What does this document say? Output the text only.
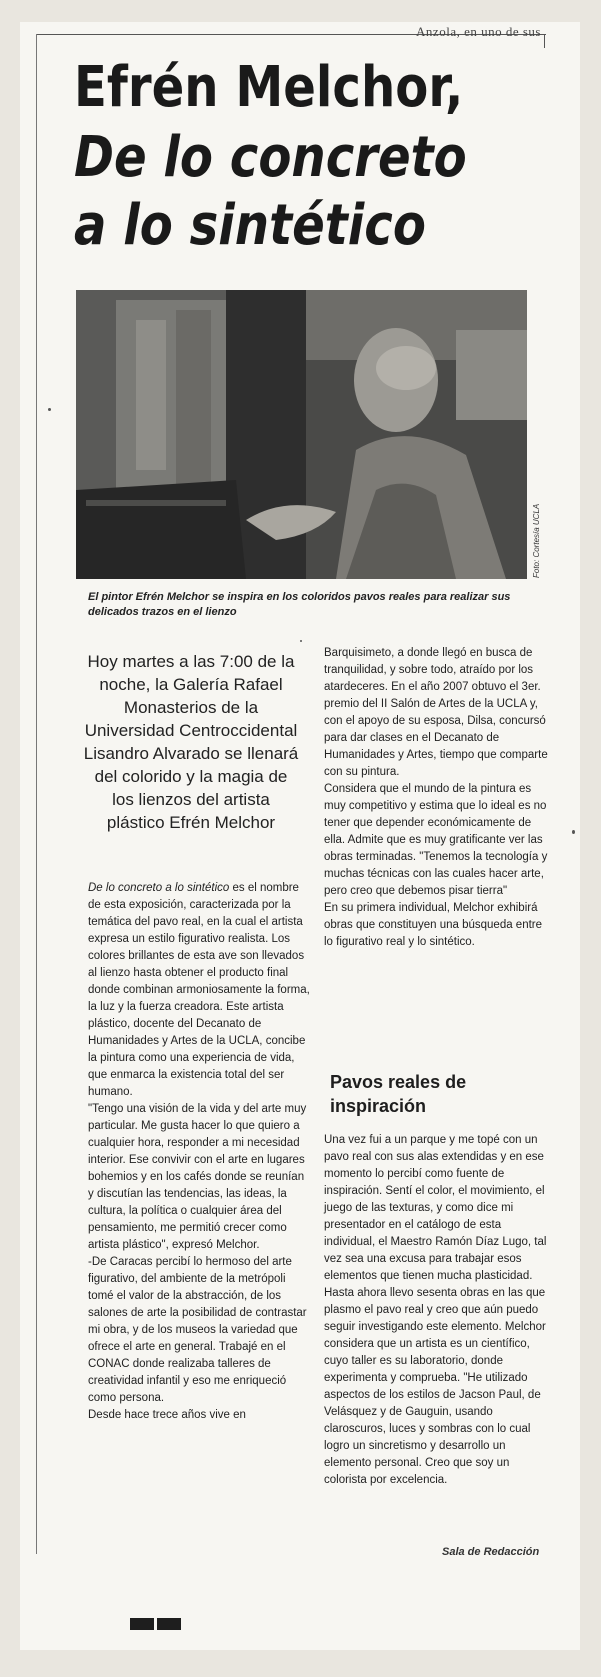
Anzola, en uno de sus
Efrén Melchor,
De lo concreto
a lo sintético
Foto: Cortesía UCLA
El pintor Efrén Melchor se inspira en los coloridos pavos reales para realizar sus delicados trazos en el lienzo
Hoy martes a las 7:00 de la noche, la Galería Rafael Monasterios de la Universidad Centroccidental Lisandro Alvarado se llenará del colorido y la magia de los lienzos del artista plástico Efrén Melchor

De lo concreto a lo sintético es el nombre de esta exposición, caracterizada por la temática del pavo real, en la cual el artista expresa un estilo figurativo realista. Los colores brillantes de esta ave son llevados al lienzo hasta obtener el producto final donde combinan armoniosamente la forma, la luz y la fuerza creadora. Este artista plástico, docente del Decanato de Humanidades y Artes de la UCLA, concibe la pintura como una experiencia de vida, que enmarca la existencia total del ser humano.

"Tengo una visión de la vida y del arte muy particular. Me gusta hacer lo que quiero a cualquier hora, responder a mi necesidad interior. Ese convivir con el arte en lugares bohemios y en los cafés donde se reunían y discutían las tendencias, las ideas, la cultura, la política o cualquier área del pensamiento, me permitió crecer como artista plástico", expresó Melchor.

-De Caracas percibí lo hermoso del arte figurativo, del ambiente de la metrópoli tomé el valor de la abstracción, de los salones de arte la posibilidad de contrastar mi obra, y de los museos la variedad que ofrece el arte en general. Trabajé en el CONAC donde realizaba talleres de creatividad infantil y eso me enriqueció como persona.

Desde hace trece años vive en

Barquisimeto, a donde llegó en busca de tranquilidad, y sobre todo, atraído por los atardeceres. En el año 2007 obtuvo el 3er. premio del II Salón de Artes de la UCLA y, con el apoyo de su esposa, Dilsa, concursó para dar clases en el Decanato de Humanidades y Artes, tiempo que comparte con su pintura.

Considera que el mundo de la pintura es muy competitivo y estima que lo ideal es no tener que depender económicamente de ella. Admite que es muy gratificante ver las obras terminadas. "Tenemos la tecnología y muchas técnicas con las cuales hacer arte, pero creo que debemos pisar tierra"

En su primera individual, Melchor exhibirá obras que constituyen una búsqueda entre lo figurativo real y lo sintético.

Pavos reales de inspiración

Una vez fui a un parque y me topé con un pavo real con sus alas extendidas y en ese momento lo percibí como fuente de inspiración. Sentí el color, el movimiento, el juego de las texturas, y como dice mi presentador en el catálogo de esta individual, el Maestro Ramón Díaz Lugo, tal vez sea una excusa para trabajar esos elementos que tienen mucha plasticidad.

Hasta ahora llevo sesenta obras en las que plasmo el pavo real y creo que aún puedo seguir investigando este elemento. Melchor considera que un artista es un científico, cuyo taller es su laboratorio, donde experimenta y comprueba. "He utilizado aspectos de los estilos de Jacson Paul, de Velásquez y de Gauguin, usando claroscuros, luces y sombras con lo cual logro un sincretismo y desarrollo un elemento personal. Creo que soy un colorista por excelencia.

Sala de Redacción
